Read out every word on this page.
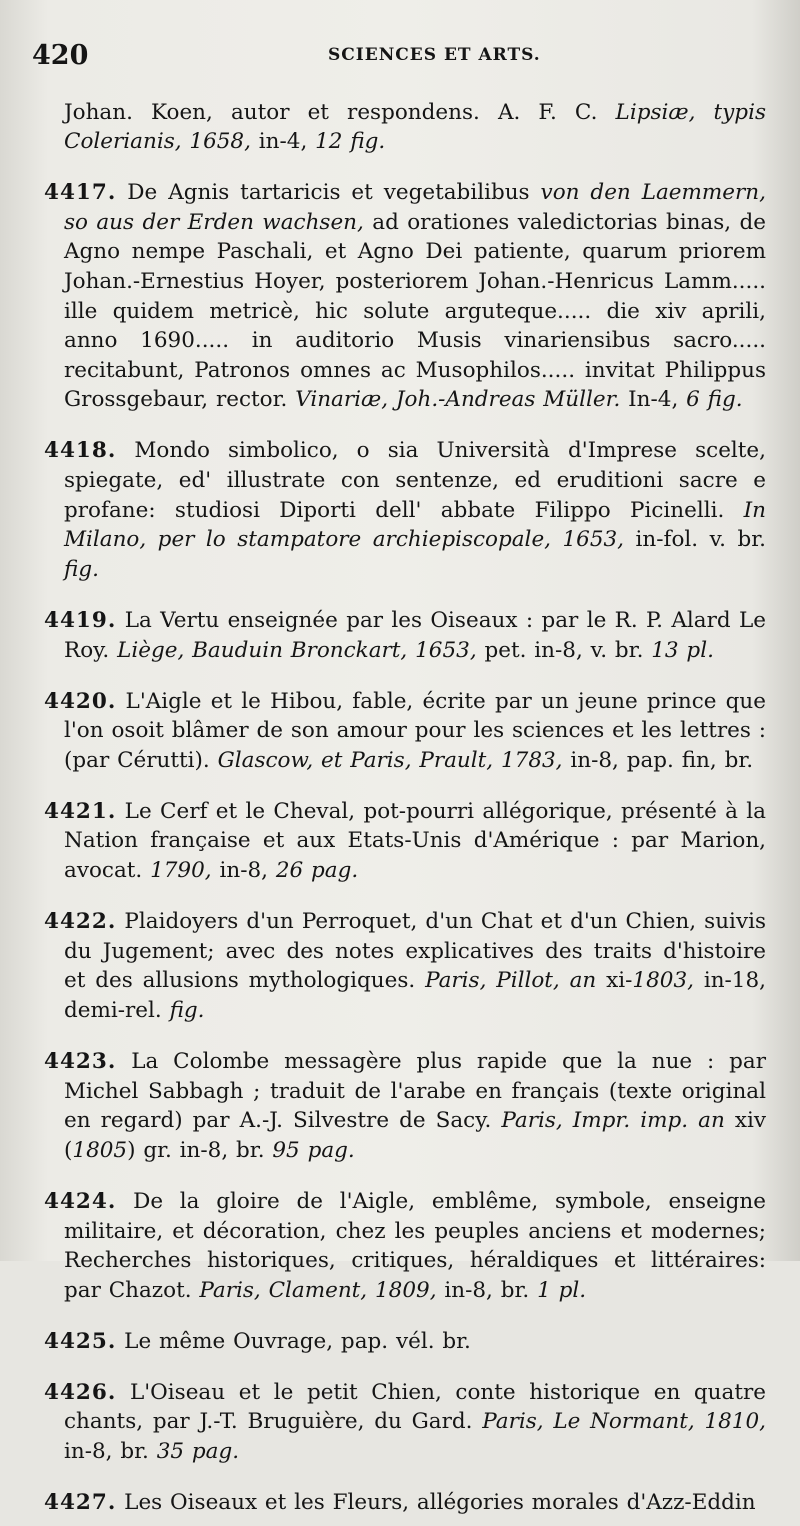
420	SCIENCES ET ARTS.

Johan. Koen, autor et respondens. A. F. C. Lipsiæ, typis Colerianis, 1658, in-4, 12 fig.

4417. De Agnis tartaricis et vegetabilibus von den Laemmern, so aus der Erden wachsen, ad orationes valedictorias binas, de Agno nempe Paschali, et Agno Dei patiente, quarum priorem Johan.-Ernestius Hoyer, posteriorem Johan.-Henricus Lamm..... ille quidem metricè, hic solute arguteque..... die xiv aprili, anno 1690..... in auditorio Musis vinariensibus sacro..... recitabunt, Patronos omnes ac Musophilos..... invitat Philippus Grossgebaur, rector. Vinariæ, Joh.-Andreas Müller. In-4, 6 fig.

4418. Mondo simbolico, o sia Università d'Imprese scelte, spiegate, ed' illustrate con sentenze, ed eruditioni sacre e profane: studiosi Diporti dell' abbate Filippo Picinelli. In Milano, per lo stampatore archiepiscopale, 1653, in-fol. v. br. fig.

4419. La Vertu enseignée par les Oiseaux : par le R. P. Alard Le Roy. Liège, Bauduin Bronckart, 1653, pet. in-8, v. br. 13 pl.

4420. L'Aigle et le Hibou, fable, écrite par un jeune prince que l'on osoit blâmer de son amour pour les sciences et les lettres : (par Cérutti). Glascow, et Paris, Prault, 1783, in-8, pap. fin, br.

4421. Le Cerf et le Cheval, pot-pourri allégorique, présenté à la Nation française et aux Etats-Unis d'Amérique : par Marion, avocat. 1790, in-8, 26 pag.

4422. Plaidoyers d'un Perroquet, d'un Chat et d'un Chien, suivis du Jugement; avec des notes explicatives des traits d'histoire et des allusions mythologiques. Paris, Pillot, an xi-1803, in-18, demi-rel. fig.

4423. La Colombe messagère plus rapide que la nue : par Michel Sabbagh ; traduit de l'arabe en français (texte original en regard) par A.-J. Silvestre de Sacy. Paris, Impr. imp. an xiv (1805) gr. in-8, br. 95 pag.

4424. De la gloire de l'Aigle, emblême, symbole, enseigne militaire, et décoration, chez les peuples anciens et modernes; Recherches historiques, critiques, héraldiques et littéraires: par Chazot. Paris, Clament, 1809, in-8, br. 1 pl.

4425. Le même Ouvrage, pap. vél. br.

4426. L'Oiseau et le petit Chien, conte historique en quatre chants, par J.-T. Bruguière, du Gard. Paris, Le Normant, 1810, in-8, br. 35 pag.

4427. Les Oiseaux et les Fleurs, allégories morales d'Azz-Eddin
